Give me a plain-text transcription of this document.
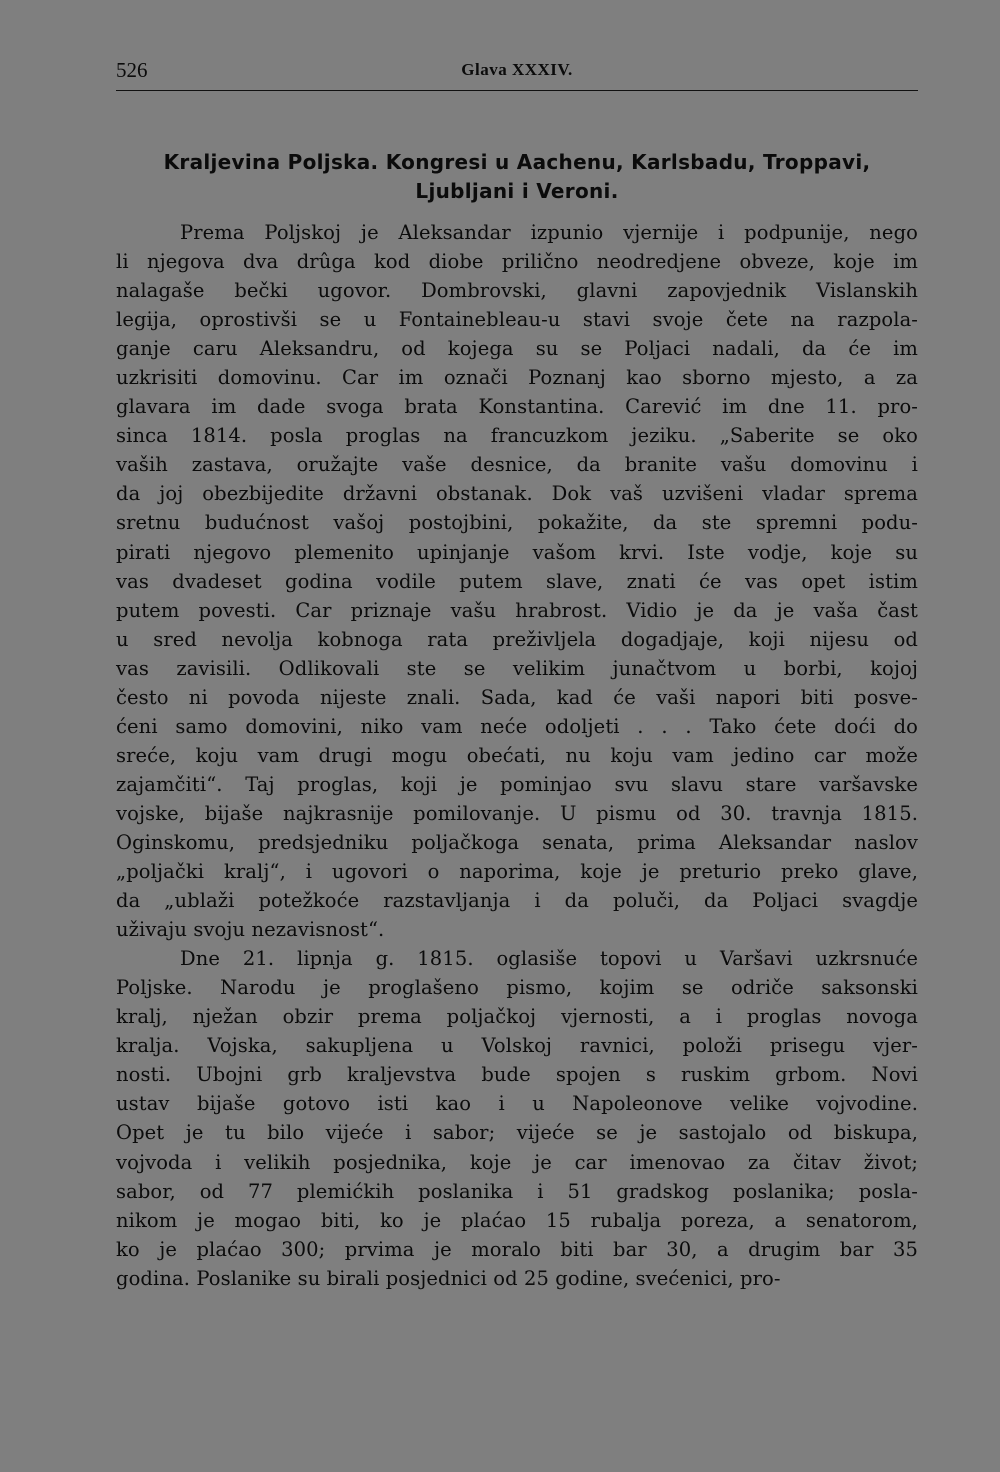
526	Glava XXXIV.
Kraljevina Poljska. Kongresi u Aachenu, Karlsbadu, Troppavi,
Ljubljani i Veroni.
Prema Poljskoj je Aleksandar izpunio vjernije i podpunije, nego
li njegova dva drûga kod diobe prilično neodredjene obveze, koje im
nalagaše bečki ugovor. Dombrovski, glavni zapovjednik Vislanskih
legija, oprostivši se u Fontainebleau-u stavi svoje čete na razpola-
ganje caru Aleksandru, od kojega su se Poljaci nadali, da će im
uzkrisiti domovinu. Car im označi Poznanj kao sborno mjesto, a za
glavara im dade svoga brata Konstantina. Carević im dne 11. pro-
sinca 1814. posla proglas na francuzkom jeziku. „Saberite se oko
vaših zastava, oružajte vaše desnice, da branite vašu domovinu i
da joj obezbijedite državni obstanak. Dok vaš uzvišeni vladar sprema
sretnu budućnost vašoj postojbini, pokažite, da ste spremni podu-
pirati njegovo plemenito upinjanje vašom krvi. Iste vodje, koje su
vas dvadeset godina vodile putem slave, znati će vas opet istim
putem povesti. Car priznaje vašu hrabrost. Vidio je da je vaša čast
u sred nevolja kobnoga rata preživljela dogadjaje, koji nijesu od
vas zavisili. Odlikovali ste se velikim junačtvom u borbi, kojoj
često ni povoda nijeste znali. Sada, kad će vaši napori biti posve-
ćeni samo domovini, niko vam neće odoljeti . . . Tako ćete doći do
sreće, koju vam drugi mogu obećati, nu koju vam jedino car može
zajamčiti“. Taj proglas, koji je pominjao svu slavu stare varšavske
vojske, bijaše najkrasnije pomilovanje. U pismu od 30. travnja 1815.
Oginskomu, predsjedniku poljačkoga senata, prima Aleksandar naslov
„poljački kralj“, i ugovori o naporima, koje je preturio preko glave,
da „ublaži potežkoće razstavljanja i da poluči, da Poljaci svagdje
uživaju svoju nezavisnost“.
Dne 21. lipnja g. 1815. oglasiše topovi u Varšavi uzkrsnuće
Poljske. Narodu je proglašeno pismo, kojim se odriče saksonski
kralj, nježan obzir prema poljačkoj vjernosti, a i proglas novoga
kralja. Vojska, sakupljena u Volskoj ravnici, položi prisegu vjer-
nosti. Ubojni grb kraljevstva bude spojen s ruskim grbom. Novi
ustav bijaše gotovo isti kao i u Napoleonove velike vojvodine.
Opet je tu bilo vijeće i sabor; vijeće se je sastojalo od biskupa,
vojvoda i velikih posjednika, koje je car imenovao za čitav život;
sabor, od 77 plemićkih poslanika i 51 gradskog poslanika; posla-
nikom je mogao biti, ko je plaćao 15 rubalja poreza, a senatorom,
ko je plaćao 300; prvima je moralo biti bar 30, a drugim bar 35
godina. Poslanike su birali posjednici od 25 godine, svećenici, pro-
